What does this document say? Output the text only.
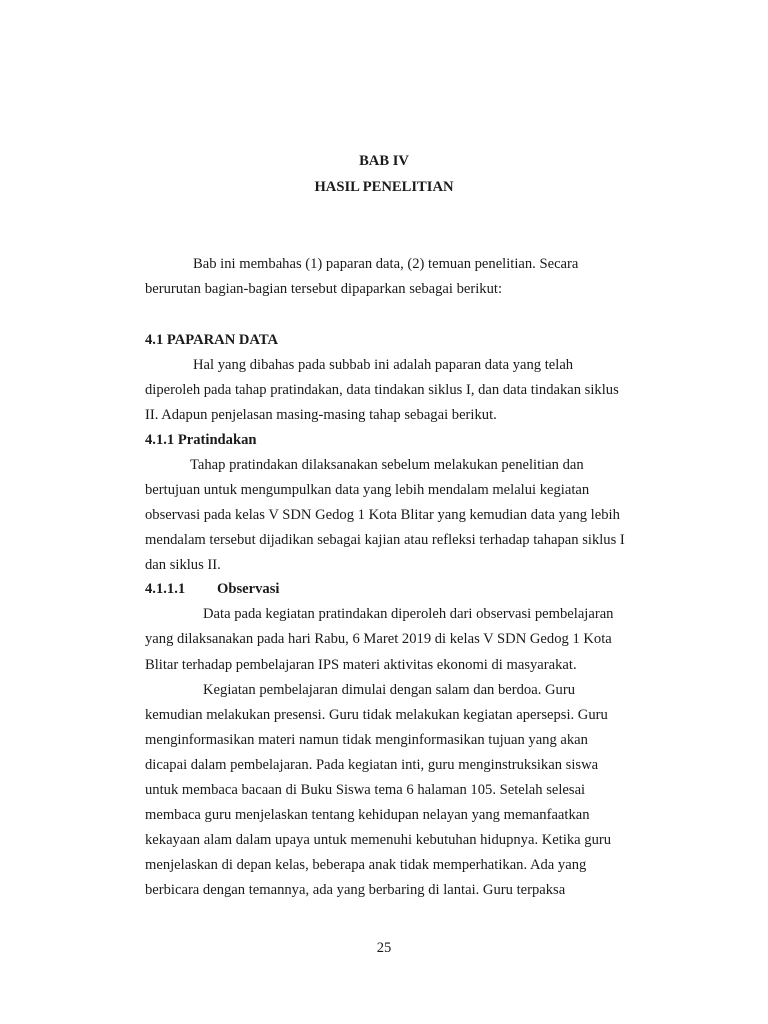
BAB IV
HASIL PENELITIAN
Bab ini membahas (1) paparan data, (2) temuan penelitian. Secara
berurutan bagian-bagian tersebut dipaparkan sebagai berikut:
4.1 PAPARAN DATA
Hal yang dibahas pada subbab ini adalah paparan data yang telah
diperoleh pada tahap pratindakan, data tindakan siklus I, dan data tindakan siklus
II. Adapun penjelasan masing-masing tahap sebagai berikut.
4.1.1 Pratindakan
Tahap pratindakan dilaksanakan sebelum melakukan penelitian dan
bertujuan untuk mengumpulkan data yang lebih mendalam melalui kegiatan
observasi pada kelas V SDN Gedog 1 Kota Blitar yang kemudian data yang lebih
mendalam tersebut dijadikan sebagai kajian atau refleksi terhadap tahapan siklus I
dan siklus II.
4.1.1.1 Observasi
Data pada kegiatan pratindakan diperoleh dari observasi pembelajaran
yang dilaksanakan pada hari Rabu, 6 Maret 2019 di kelas V SDN Gedog 1 Kota
Blitar terhadap pembelajaran IPS materi aktivitas ekonomi di masyarakat.
Kegiatan pembelajaran dimulai dengan salam dan berdoa. Guru
kemudian melakukan presensi. Guru tidak melakukan kegiatan apersepsi. Guru
menginformasikan materi namun tidak menginformasikan tujuan yang akan
dicapai dalam pembelajaran. Pada kegiatan inti, guru menginstruksikan siswa
untuk membaca bacaan di Buku Siswa tema 6 halaman 105. Setelah selesai
membaca guru menjelaskan tentang kehidupan nelayan yang memanfaatkan
kekayaan alam dalam upaya untuk memenuhi kebutuhan hidupnya. Ketika guru
menjelaskan di depan kelas, beberapa anak tidak memperhatikan. Ada yang
berbicara dengan temannya, ada yang berbaring di lantai. Guru terpaksa
25
